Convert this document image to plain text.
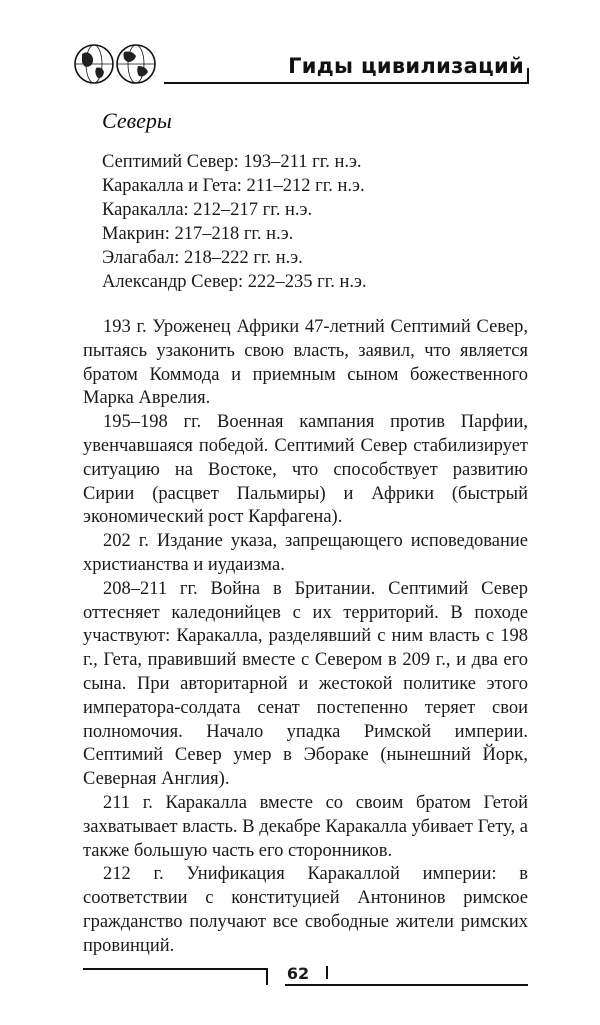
Гиды цивилизаций
Северы
Септимий Север: 193–211 гг. н.э.
Каракалла и Гета: 211–212 гг. н.э.
Каракалла: 212–217 гг. н.э.
Макрин: 217–218 гг. н.э.
Элагабал: 218–222 гг. н.э.
Александр Север: 222–235 гг. н.э.

193 г. Уроженец Африки 47-летний Септимий Север, пытаясь узаконить свою власть, заявил, что является братом Коммода и приемным сыном божественного Марка Аврелия.

195–198 гг. Военная кампания против Парфии, увенчавшаяся победой. Септимий Север стабилизирует ситуацию на Востоке, что способствует развитию Сирии (расцвет Пальмиры) и Африки (быстрый экономический рост Карфагена).

202 г. Издание указа, запрещающего исповедование христианства и иудаизма.

208–211 гг. Война в Британии. Септимий Север оттесняет каледонийцев с их территорий. В походе участвуют: Каракалла, разделявший с ним власть с 198 г., Гета, правивший вместе с Севером в 209 г., и два его сына. При авторитарной и жестокой политике этого императора-солдата сенат постепенно теряет свои полномочия. Начало упадка Римской империи. Септимий Север умер в Эбораке (нынешний Йорк, Северная Англия).

211 г. Каракалла вместе со своим братом Гетой захватывает власть. В декабре Каракалла убивает Гету, а также большую часть его сторонников.

212 г. Унификация Каракаллой империи: в соответствии с конституцией Антонинов римское гражданство получают все свободные жители римских провинций.

62
